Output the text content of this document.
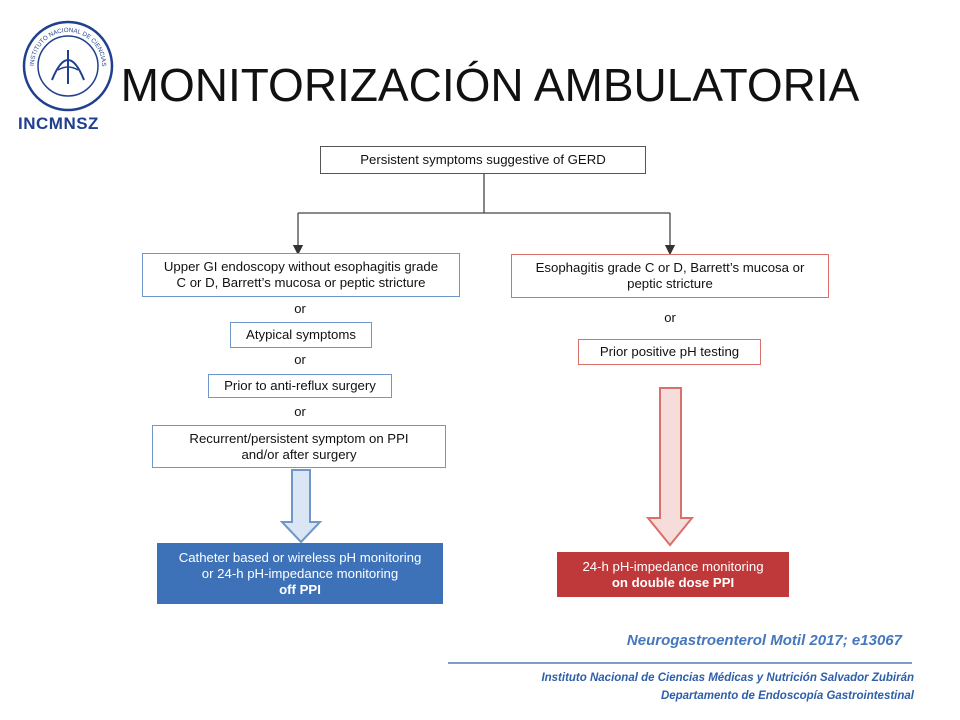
INSTITUTO NACIONAL DE CIENCIAS
INCMNSZ
MONITORIZACIÓN AMBULATORIA
Persistent symptoms suggestive of GERD
Upper GI endoscopy without esophagitis grade
C or D, Barrett’s mucosa or peptic stricture
or
Atypical symptoms
or
Prior to anti-reflux surgery
or
Recurrent/persistent symptom on PPI
and/or after surgery
Catheter based or wireless pH monitoring
or 24-h pH-impedance monitoring
off PPI
Esophagitis grade C or D, Barrett’s mucosa or
peptic stricture
or
Prior positive pH testing
24-h pH-impedance monitoring
on double dose PPI
Neurogastroenterol Motil 2017; e13067
Instituto Nacional de Ciencias Médicas y Nutrición Salvador Zubirán
Departamento de Endoscopía Gastrointestinal
